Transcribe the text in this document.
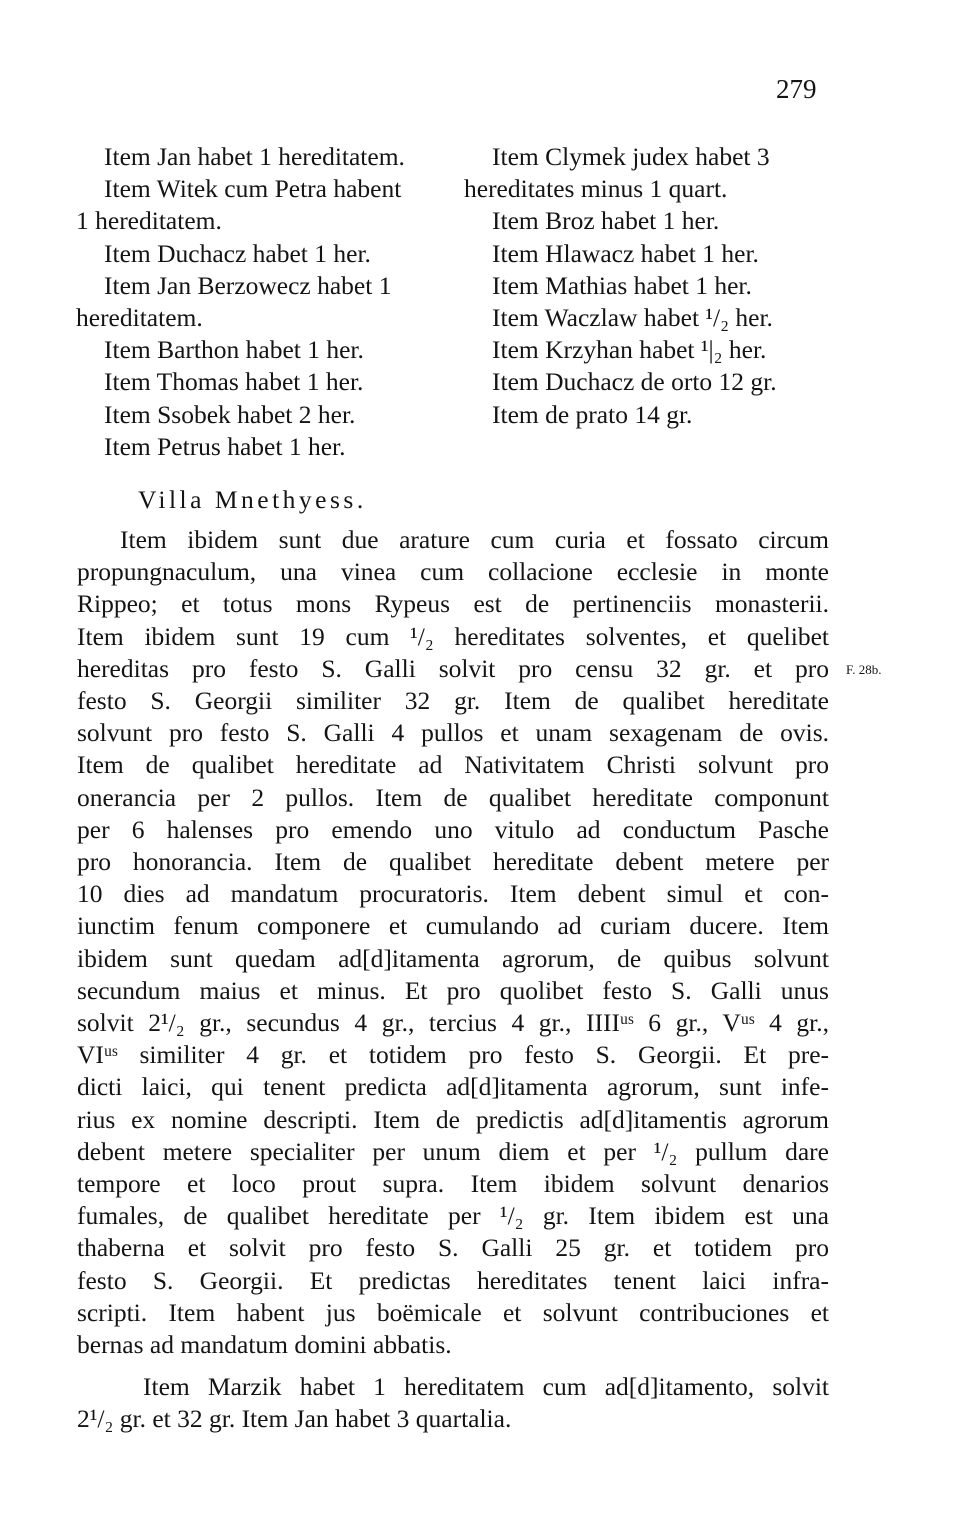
279
Item Jan habet 1 hereditatem.
Item Witek cum Petra habent
1 hereditatem.
Item Duchacz habet 1 her.
Item Jan Berzowecz habet 1
hereditatem.
Item Barthon habet 1 her.
Item Thomas habet 1 her.
Item Ssobek habet 2 her.
Item Petrus habet 1 her.
Item Clymek judex habet 3
hereditates minus 1 quart.
Item Broz habet 1 her.
Item Hlawacz habet 1 her.
Item Mathias habet 1 her.
Item Waczlaw habet ¹/₂ her.
Item Krzyhan habet ¹|₂ her.
Item Duchacz de orto 12 gr.
Item de prato 14 gr.
Villa Mnethyess.
Item ibidem sunt due arature cum curia et fossato circum
propungnaculum, una vinea cum collacione ecclesie in monte
Rippeo; et totus mons Rypeus est de pertinenciis monasterii.
Item ibidem sunt 19 cum ¹/₂ hereditates solventes, et quelibet
hereditas pro festo S. Galli solvit pro censu 32 gr. et pro
festo S. Georgii similiter 32 gr. Item de qualibet hereditate
solvunt pro festo S. Galli 4 pullos et unam sexagenam de ovis.
Item de qualibet hereditate ad Nativitatem Christi solvunt pro
onerancia per 2 pullos. Item de qualibet hereditate componunt
per 6 halenses pro emendo uno vitulo ad conductum Pasche
pro honorancia. Item de qualibet hereditate debent metere per
10 dies ad mandatum procuratoris. Item debent simul et con-
iunctim fenum componere et cumulando ad curiam ducere. Item
ibidem sunt quedam ad[d]itamenta agrorum, de quibus solvunt
secundum maius et minus. Et pro quolibet festo S. Galli unus
solvit 2¹/₂ gr., secundus 4 gr., tercius 4 gr., IIIIᵘˢ 6 gr., Vᵘˢ 4 gr.,
VIᵘˢ similiter 4 gr. et totidem pro festo S. Georgii. Et pre-
dicti laici, qui tenent predicta ad[d]itamenta agrorum, sunt infe-
rius ex nomine descripti. Item de predictis ad[d]itamentis agrorum
debent metere specialiter per unum diem et per ¹/₂ pullum dare
tempore et loco prout supra. Item ibidem solvunt denarios
fumales, de qualibet hereditate per ¹/₂ gr. Item ibidem est una
thaberna et solvit pro festo S. Galli 25 gr. et totidem pro
festo S. Georgii. Et predictas hereditates tenent laici infra-
scripti. Item habent jus boëmicale et solvunt contribuciones et
bernas ad mandatum domini abbatis.
F. 28b.
Item Marzik habet 1 hereditatem cum ad[d]itamento, solvit
2¹/₂ gr. et 32 gr. Item Jan habet 3 quartalia.
